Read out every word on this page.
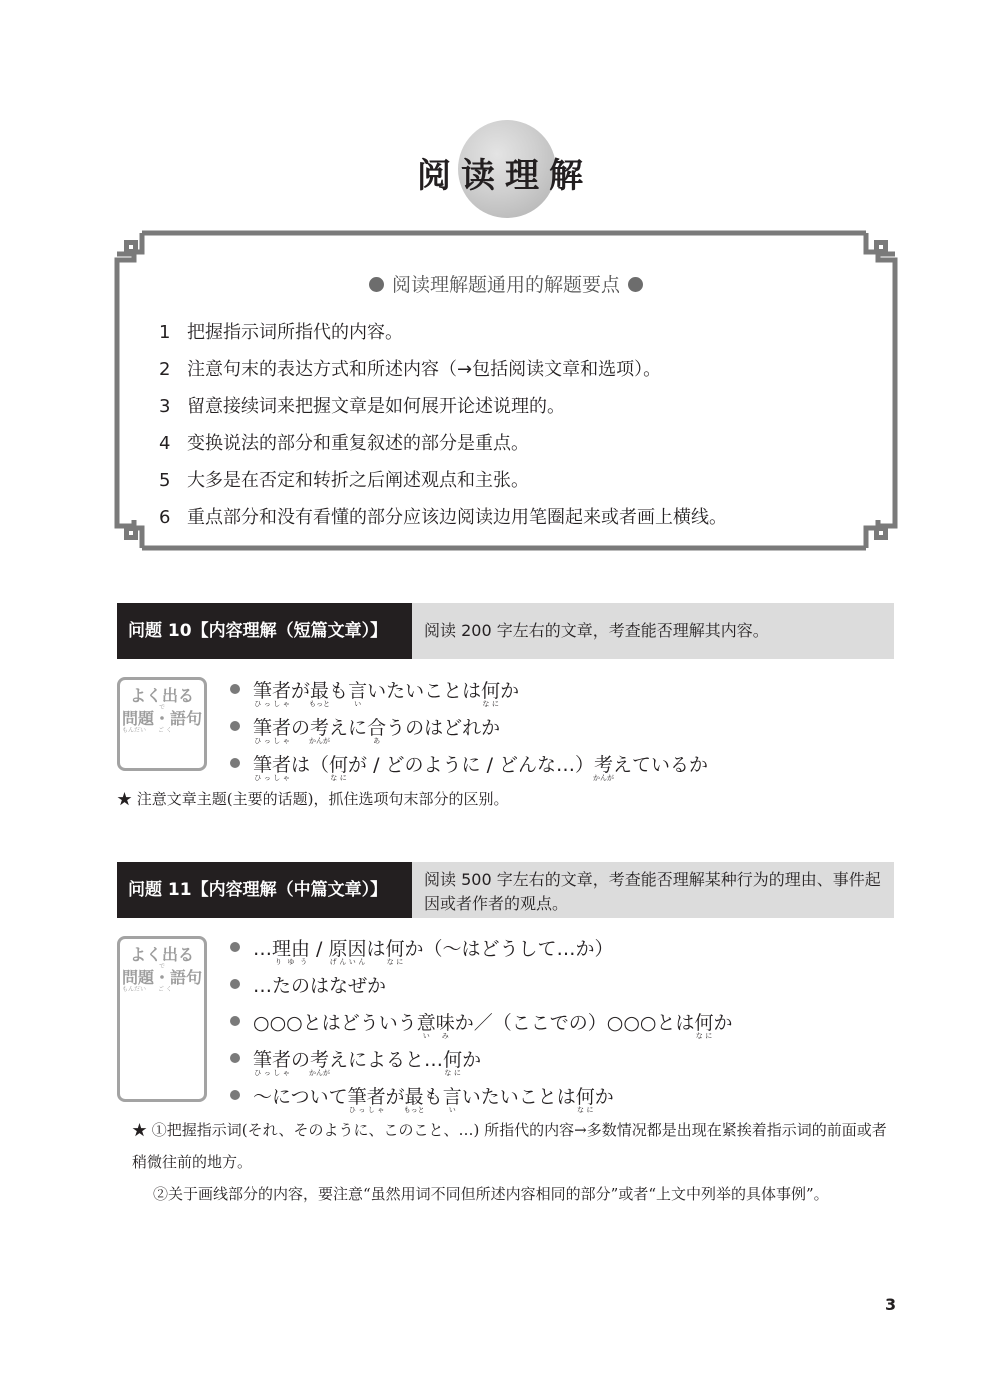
阅读理解
阅读理解题通用的解题要点
1 把握指示词所指代的内容。
2 注意句末的表达方式和所述内容（→包括阅读文章和选项）。
3 留意接续词来把握文章是如何展开论述说理的。
4 变换说法的部分和重复叙述的部分是重点。
5 大多是在否定和转折之后阐述观点和主张。
6 重点部分和没有看懂的部分应该边阅读边用笔圈起来或者画上横线。
问题 10【内容理解（短篇文章）】	阅读 200 字左右的文章，考查能否理解其内容。
よく出る
で
問題・語句
もんだい　　ご く
筆者ひっしゃが最もっとも言いいたいことは何なにか
筆者ひっしゃの考かんがえに合あうのはどれか
筆者ひっしゃは（何なにが / どのように / どんな…）考かんがえているか
★ 注意文章主题(主要的话题)，抓住选项句末部分的区别。
问题 11【内容理解（中篇文章）】
阅读 500 字左右的文章，考查能否理解某种行为的理由、事件起因或者作者的观点。
よく出る
で
問題・語句
もんだい　　ご く
…理由りゆう / 原因げんいんは何なにか（～はどうして…か）
…たのはなぜか
○○○とはどういう意味いみか／（ここでの）○○○とは何なにか
筆者ひっしゃの考かんがえによると…何なにか
～について筆者ひっしゃが最もっとも言いいたいことは何なにか
★ ①把握指示词(それ、そのように、このこと、…) 所指代的内容→多数情况都是出现在紧挨着指示词的前面或者稍微往前的地方。
②关于画线部分的内容，要注意“虽然用词不同但所述内容相同的部分”或者“上文中列举的具体事例”。
3
